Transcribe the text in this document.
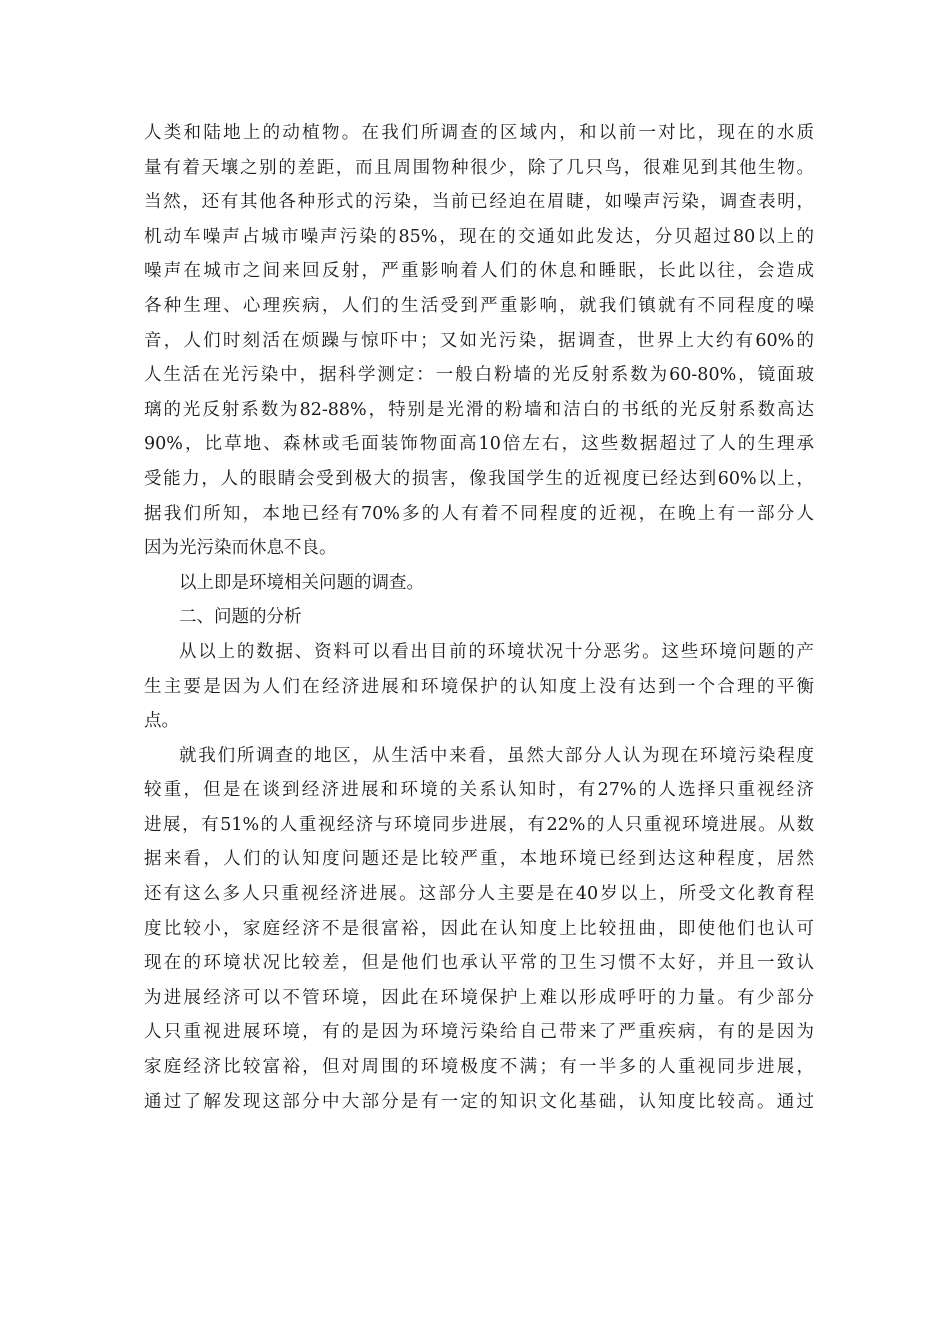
人类和陆地上的动植物。在我们所调查的区域内，和以前一对比，现在的水质
量有着天壤之别的差距，而且周围物种很少，除了几只鸟，很难见到其他生物。
当然，还有其他各种形式的污染，当前已经迫在眉睫，如噪声污染，调查表明，
机动车噪声占城市噪声污染的85%，现在的交通如此发达，分贝超过80以上的
噪声在城市之间来回反射，严重影响着人们的休息和睡眠，长此以往，会造成
各种生理、心理疾病，人们的生活受到严重影响，就我们镇就有不同程度的噪
音，人们时刻活在烦躁与惊吓中；又如光污染，据调查，世界上大约有60%的
人生活在光污染中，据科学测定：一般白粉墙的光反射系数为60-80%，镜面玻
璃的光反射系数为82-88%，特别是光滑的粉墙和洁白的书纸的光反射系数高达
90%，比草地、森林或毛面装饰物面高10倍左右，这些数据超过了人的生理承
受能力，人的眼睛会受到极大的损害，像我国学生的近视度已经达到60%以上，
据我们所知，本地已经有70%多的人有着不同程度的近视，在晚上有一部分人
因为光污染而休息不良。
以上即是环境相关问题的调查。
二、问题的分析
从以上的数据、资料可以看出目前的环境状况十分恶劣。这些环境问题的产
生主要是因为人们在经济进展和环境保护的认知度上没有达到一个合理的平衡
点。
就我们所调查的地区，从生活中来看，虽然大部分人认为现在环境污染程度
较重，但是在谈到经济进展和环境的关系认知时，有27%的人选择只重视经济
进展，有51%的人重视经济与环境同步进展，有22%的人只重视环境进展。从数
据来看，人们的认知度问题还是比较严重，本地环境已经到达这种程度，居然
还有这么多人只重视经济进展。这部分人主要是在40岁以上，所受文化教育程
度比较小，家庭经济不是很富裕，因此在认知度上比较扭曲，即使他们也认可
现在的环境状况比较差，但是他们也承认平常的卫生习惯不太好，并且一致认
为进展经济可以不管环境，因此在环境保护上难以形成呼吁的力量。有少部分
人只重视进展环境，有的是因为环境污染给自己带来了严重疾病，有的是因为
家庭经济比较富裕，但对周围的环境极度不满；有一半多的人重视同步进展，
通过了解发现这部分中大部分是有一定的知识文化基础，认知度比较高。通过
